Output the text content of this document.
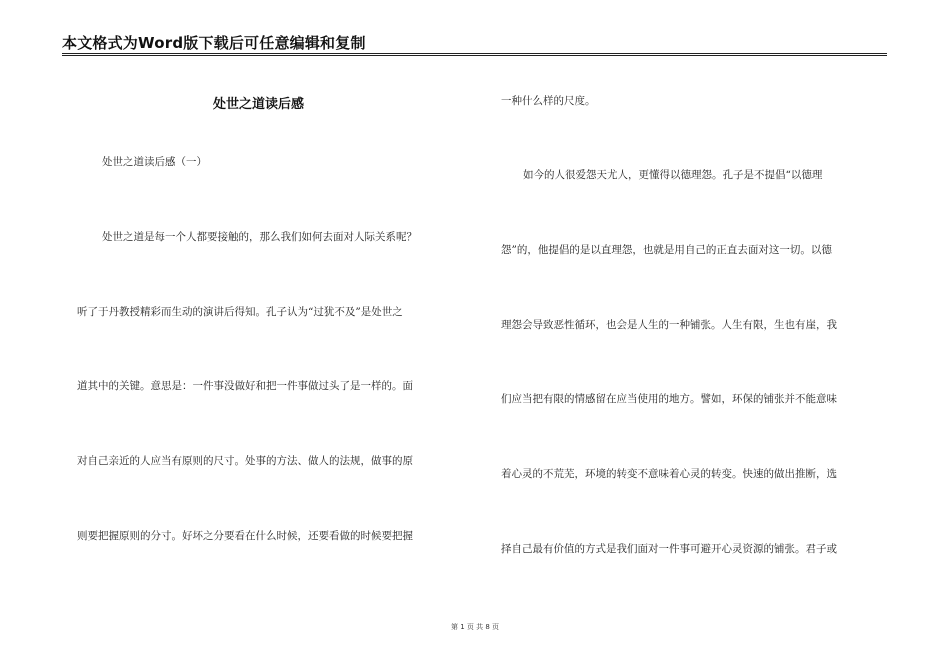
本文格式为Word版下载后可任意编辑和复制
处世之道读后感
处世之道读后感（一）
处世之道是每一个人都要接触的，那么我们如何去面对人际关系呢？
听了于丹教授精彩而生动的演讲后得知。孔子认为“过犹不及”是处世之
道其中的关键。意思是：一件事没做好和把一件事做过头了是一样的。面
对自己亲近的人应当有原则的尺寸。处事的方法、做人的法规，做事的原
则要把握原则的分寸。好坏之分要看在什么时候，还要看做的时候要把握
一种什么样的尺度。
如今的人很爱怨天尤人，更懂得以德理怨。孔子是不提倡“以德理
怨”的，他提倡的是以直理怨，也就是用自己的正直去面对这一切。以德
理怨会导致恶性循环，也会是人生的一种铺张。人生有限，生也有崖，我
们应当把有限的情感留在应当使用的地方。譬如，环保的铺张并不能意味
着心灵的不荒芜，环境的转变不意味着心灵的转变。快速的做出推断，选
择自己最有价值的方式是我们面对一件事可避开心灵资源的铺张。君子或
第 1 页 共 8 页
